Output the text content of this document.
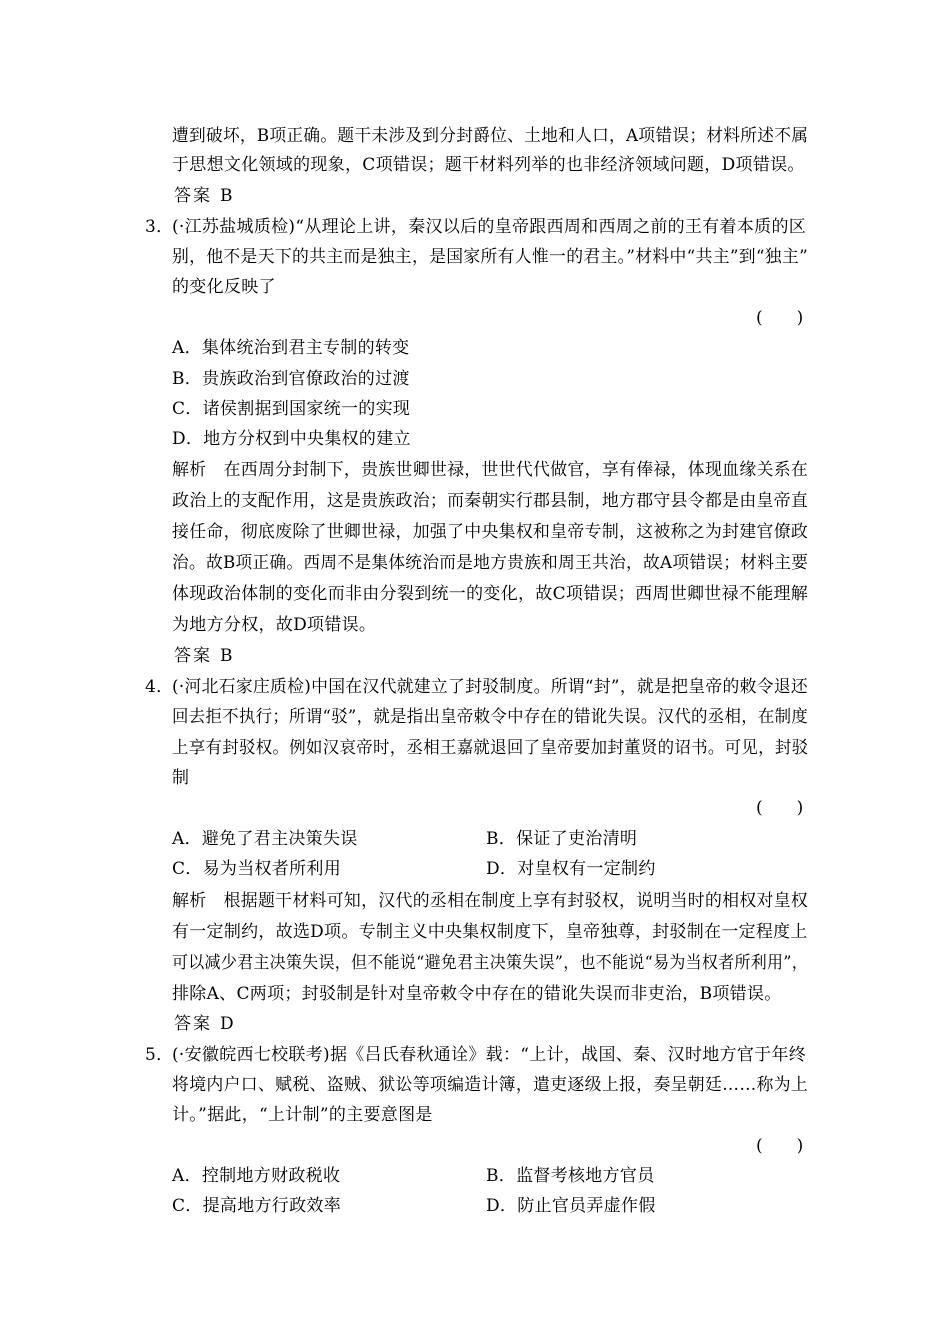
遭到破坏，B项正确。题干未涉及到分封爵位、土地和人口，A项错误；材料所述不属
于思想文化领域的现象，C项错误；题干材料列举的也非经济领域问题，D项错误。
答案 B
3．
(·江苏盐城质检)“从理论上讲，秦汉以后的皇帝跟西周和西周之前的王有着本质的区
别，他不是天下的共主而是独主，是国家所有人惟一的君主。”材料中“共主”到“独主”
的变化反映了
(　　)
A．集体统治到君主专制的转变
B．贵族政治到官僚政治的过渡
C．诸侯割据到国家统一的实现
D．地方分权到中央集权的建立
解析　在西周分封制下，贵族世卿世禄，世世代代做官，享有俸禄，体现血缘关系在
政治上的支配作用，这是贵族政治；而秦朝实行郡县制，地方郡守县令都是由皇帝直
接任命，彻底废除了世卿世禄，加强了中央集权和皇帝专制，这被称之为封建官僚政
治。故B项正确。西周不是集体统治而是地方贵族和周王共治，故A项错误；材料主要
体现政治体制的变化而非由分裂到统一的变化，故C项错误；西周世卿世禄不能理解
为地方分权，故D项错误。
答案 B
4．
(·河北石家庄质检)中国在汉代就建立了封驳制度。所谓“封”，就是把皇帝的敕令退还
回去拒不执行；所谓“驳”，就是指出皇帝敕令中存在的错讹失误。汉代的丞相，在制度
上享有封驳权。例如汉哀帝时，丞相王嘉就退回了皇帝要加封董贤的诏书。可见，封驳
制
(　　)
A．避免了君主决策失误	B．保证了吏治清明
C．易为当权者所利用	D．对皇权有一定制约
解析　根据题干材料可知，汉代的丞相在制度上享有封驳权，说明当时的相权对皇权
有一定制约，故选D项。专制主义中央集权制度下，皇帝独尊，封驳制在一定程度上
可以减少君主决策失误，但不能说“避免君主决策失误”，也不能说“易为当权者所利用”，
排除A、C两项；封驳制是针对皇帝敕令中存在的错讹失误而非吏治，B项错误。
答案 D
5．
(·安徽皖西七校联考)据《吕氏春秋通诠》载：“上计，战国、秦、汉时地方官于年终
将境内户口、赋税、盗贼、狱讼等项编造计簿，遣吏逐级上报，奏呈朝廷……称为上
计。”据此，“上计制”的主要意图是
(　　)
A．控制地方财政税收	B．监督考核地方官员
C．提高地方行政效率	D．防止官员弄虚作假
